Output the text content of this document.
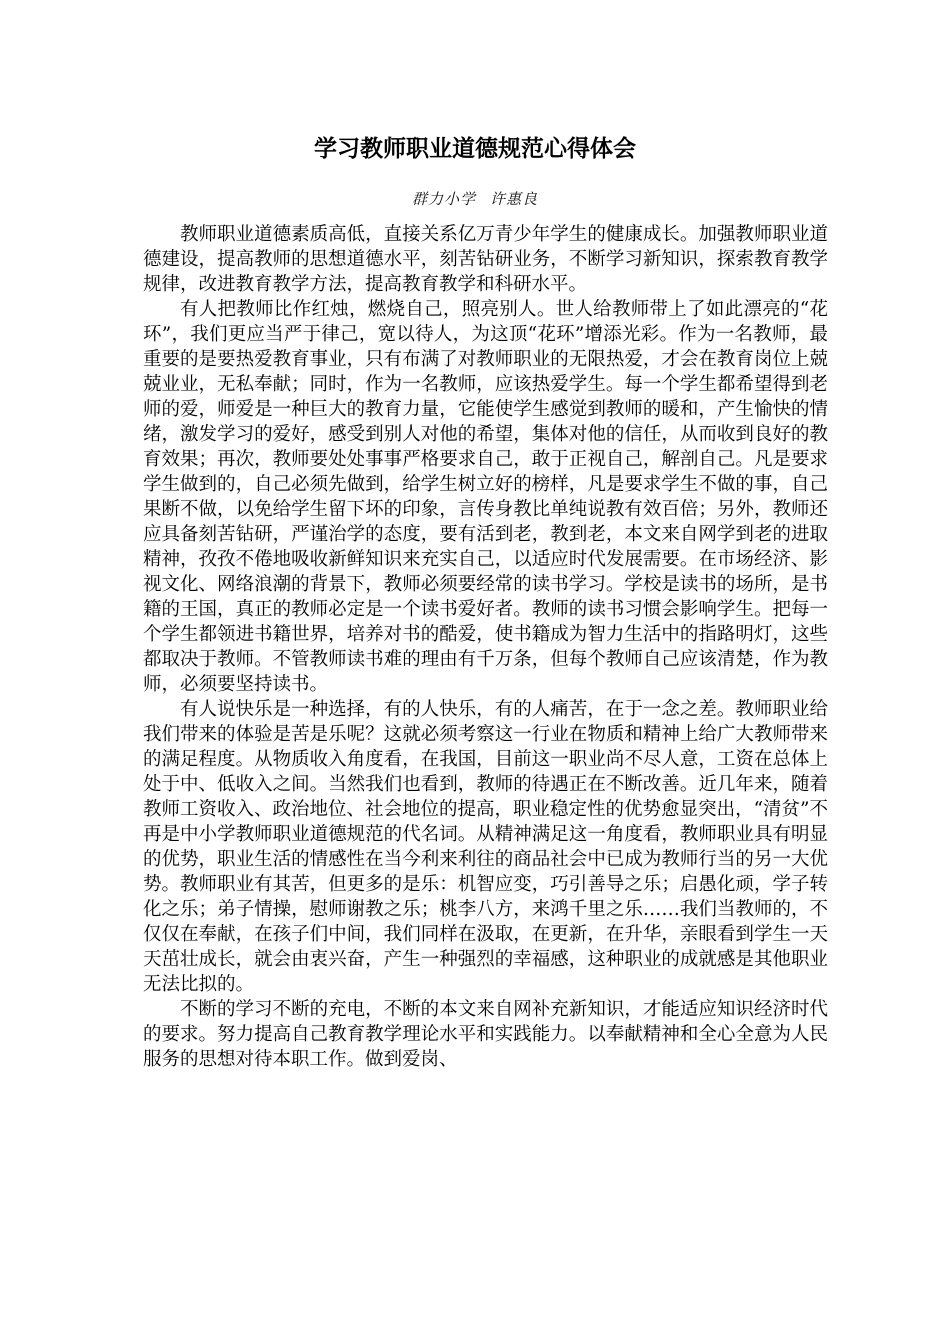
学习教师职业道德规范心得体会
群力小学 许惠良

教师职业道德素质高低，直接关系亿万青少年学生的健康成长。加强教师职业道德建设，提高教师的思想道德水平，刻苦钻研业务，不断学习新知识，探索教育教学规律，改进教育教学方法，提高教育教学和科研水平。

有人把教师比作红烛，燃烧自己，照亮别人。世人给教师带上了如此漂亮的“花环”，我们更应当严于律己，宽以待人，为这顶“花环”增添光彩。作为一名教师，最重要的是要热爱教育事业，只有布满了对教师职业的无限热爱，才会在教育岗位上兢兢业业，无私奉献；同时，作为一名教师，应该热爱学生。每一个学生都希望得到老师的爱，师爱是一种巨大的教育力量，它能使学生感觉到教师的暖和，产生愉快的情绪，激发学习的爱好，感受到别人对他的希望，集体对他的信任，从而收到良好的教育效果；再次，教师要处处事事严格要求自己，敢于正视自己，解剖自己。凡是要求学生做到的，自己必须先做到，给学生树立好的榜样，凡是要求学生不做的事，自己果断不做，以免给学生留下坏的印象，言传身教比单纯说教有效百倍；另外，教师还应具备刻苦钻研，严谨治学的态度，要有活到老，教到老，本文来自网学到老的进取精神，孜孜不倦地吸收新鲜知识来充实自己，以适应时代发展需要。在市场经济、影视文化、网络浪潮的背景下，教师必须要经常的读书学习。学校是读书的场所，是书籍的王国，真正的教师必定是一个读书爱好者。教师的读书习惯会影响学生。把每一个学生都领进书籍世界，培养对书的酷爱，使书籍成为智力生活中的指路明灯，这些都取决于教师。不管教师读书难的理由有千万条，但每个教师自己应该清楚，作为教师，必须要坚持读书。

有人说快乐是一种选择，有的人快乐，有的人痛苦，在于一念之差。教师职业给我们带来的体验是苦是乐呢？这就必须考察这一行业在物质和精神上给广大教师带来的满足程度。从物质收入角度看，在我国，目前这一职业尚不尽人意，工资在总体上处于中、低收入之间。当然我们也看到，教师的待遇正在不断改善。近几年来，随着教师工资收入、政治地位、社会地位的提高，职业稳定性的优势愈显突出，“清贫”不再是中小学教师职业道德规范的代名词。从精神满足这一角度看，教师职业具有明显的优势，职业生活的情感性在当今利来利往的商品社会中已成为教师行当的另一大优势。教师职业有其苦，但更多的是乐：机智应变，巧引善导之乐；启愚化顽，学子转化之乐；弟子情操，慰师谢教之乐；桃李八方，来鸿千里之乐……我们当教师的，不仅仅在奉献，在孩子们中间，我们同样在汲取，在更新，在升华，亲眼看到学生一天天茁壮成长，就会由衷兴奋，产生一种强烈的幸福感，这种职业的成就感是其他职业无法比拟的。

不断的学习不断的充电，不断的本文来自网补充新知识，才能适应知识经济时代的要求。努力提高自己教育教学理论水平和实践能力。以奉献精神和全心全意为人民服务的思想对待本职工作。做到爱岗、
